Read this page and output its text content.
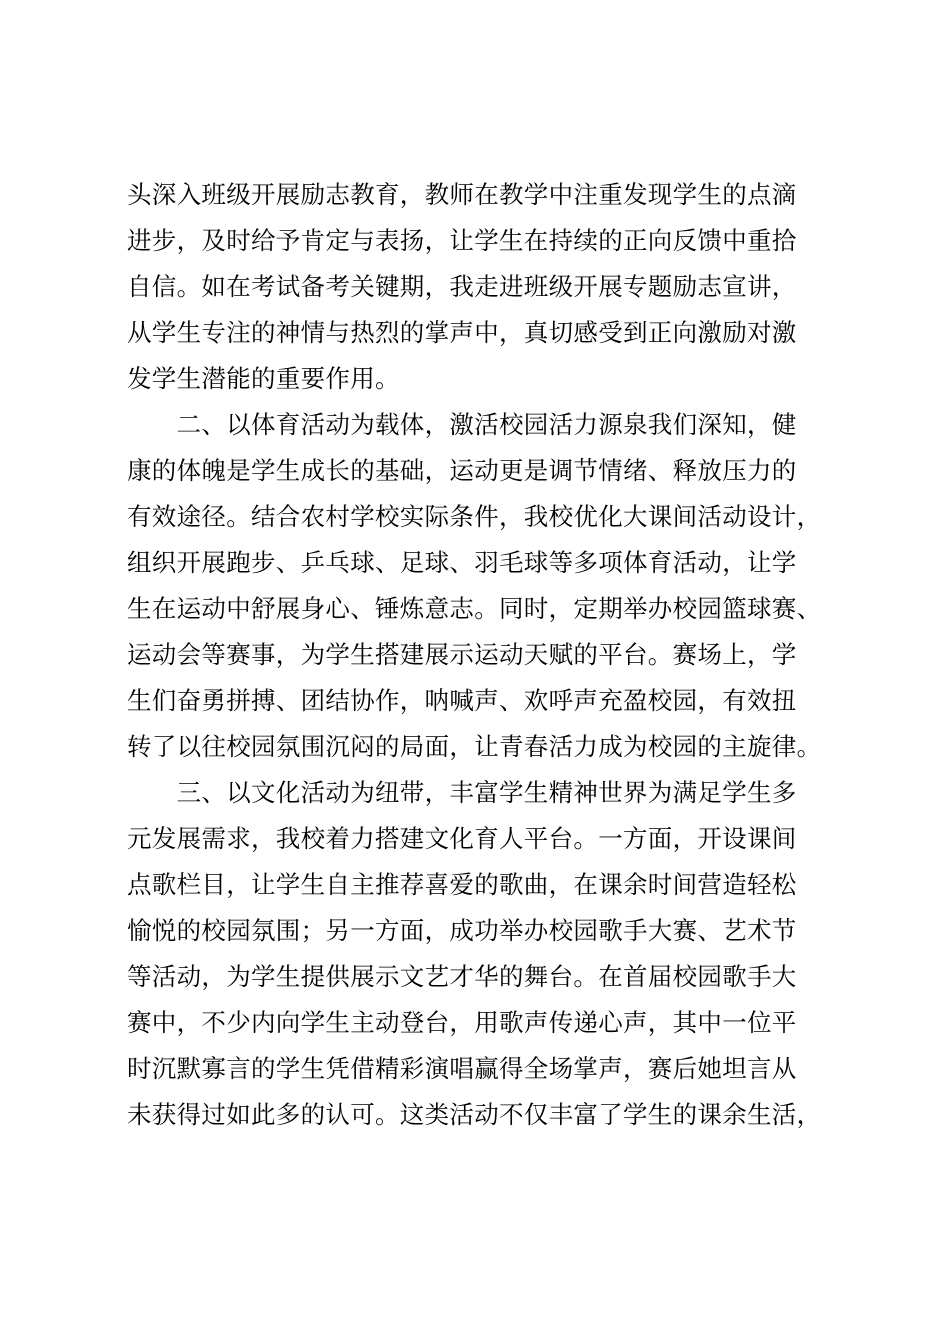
头深入班级开展励志教育，教师在教学中注重发现学生的点滴
进步，及时给予肯定与表扬，让学生在持续的正向反馈中重拾
自信。如在考试备考关键期，我走进班级开展专题励志宣讲，
从学生专注的神情与热烈的掌声中，真切感受到正向激励对激
发学生潜能的重要作用。
　　二、以体育活动为载体，激活校园活力源泉我们深知，健
康的体魄是学生成长的基础，运动更是调节情绪、释放压力的
有效途径。结合农村学校实际条件，我校优化大课间活动设计，
组织开展跑步、乒乓球、足球、羽毛球等多项体育活动，让学
生在运动中舒展身心、锤炼意志。同时，定期举办校园篮球赛、
运动会等赛事，为学生搭建展示运动天赋的平台。赛场上，学
生们奋勇拼搏、团结协作，呐喊声、欢呼声充盈校园，有效扭
转了以往校园氛围沉闷的局面，让青春活力成为校园的主旋律。
　　三、以文化活动为纽带，丰富学生精神世界为满足学生多
元发展需求，我校着力搭建文化育人平台。一方面，开设课间
点歌栏目，让学生自主推荐喜爱的歌曲，在课余时间营造轻松
愉悦的校园氛围；另一方面，成功举办校园歌手大赛、艺术节
等活动，为学生提供展示文艺才华的舞台。在首届校园歌手大
赛中，不少内向学生主动登台，用歌声传递心声，其中一位平
时沉默寡言的学生凭借精彩演唱赢得全场掌声，赛后她坦言从
未获得过如此多的认可。这类活动不仅丰富了学生的课余生活，
